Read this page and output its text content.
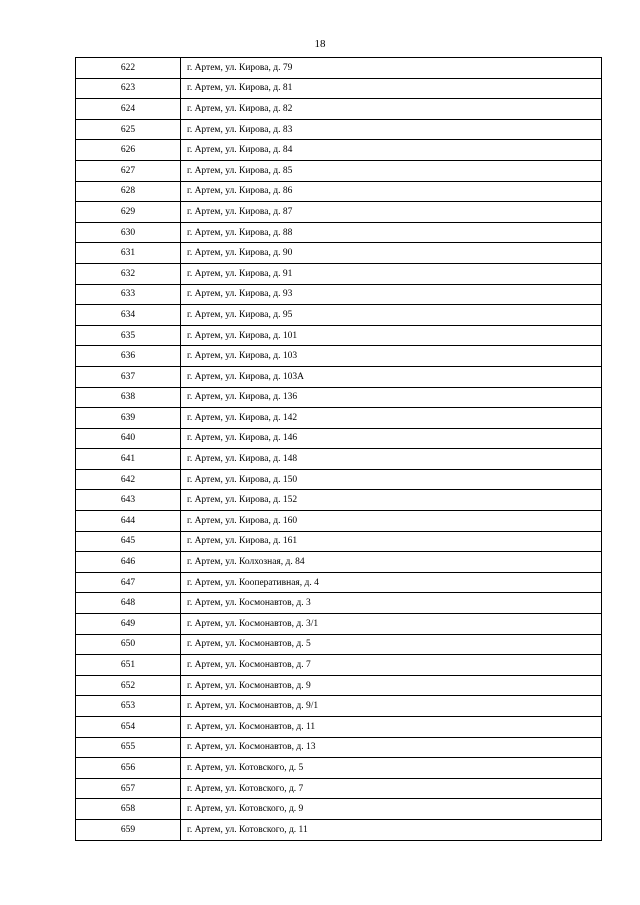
18
622	г. Артем, ул. Кирова, д. 79
623	г. Артем, ул. Кирова, д. 81
624	г. Артем, ул. Кирова, д. 82
625	г. Артем, ул. Кирова, д. 83
626	г. Артем, ул. Кирова, д. 84
627	г. Артем, ул. Кирова, д. 85
628	г. Артем, ул. Кирова, д. 86
629	г. Артем, ул. Кирова, д. 87
630	г. Артем, ул. Кирова, д. 88
631	г. Артем, ул. Кирова, д. 90
632	г. Артем, ул. Кирова, д. 91
633	г. Артем, ул. Кирова, д. 93
634	г. Артем, ул. Кирова, д. 95
635	г. Артем, ул. Кирова, д. 101
636	г. Артем, ул. Кирова, д. 103
637	г. Артем, ул. Кирова, д. 103А
638	г. Артем, ул. Кирова, д. 136
639	г. Артем, ул. Кирова, д. 142
640	г. Артем, ул. Кирова, д. 146
641	г. Артем, ул. Кирова, д. 148
642	г. Артем, ул. Кирова, д. 150
643	г. Артем, ул. Кирова, д. 152
644	г. Артем, ул. Кирова, д. 160
645	г. Артем, ул. Кирова, д. 161
646	г. Артем, ул. Колхозная, д. 84
647	г. Артем, ул. Кооперативная, д. 4
648	г. Артем, ул. Космонавтов, д. 3
649	г. Артем, ул. Космонавтов, д. 3/1
650	г. Артем, ул. Космонавтов, д. 5
651	г. Артем, ул. Космонавтов, д. 7
652	г. Артем, ул. Космонавтов, д. 9
653	г. Артем, ул. Космонавтов, д. 9/1
654	г. Артем, ул. Космонавтов, д. 11
655	г. Артем, ул. Космонавтов, д. 13
656	г. Артем, ул. Котовского, д. 5
657	г. Артем, ул. Котовского, д. 7
658	г. Артем, ул. Котовского, д. 9
659	г. Артем, ул. Котовского, д. 11
